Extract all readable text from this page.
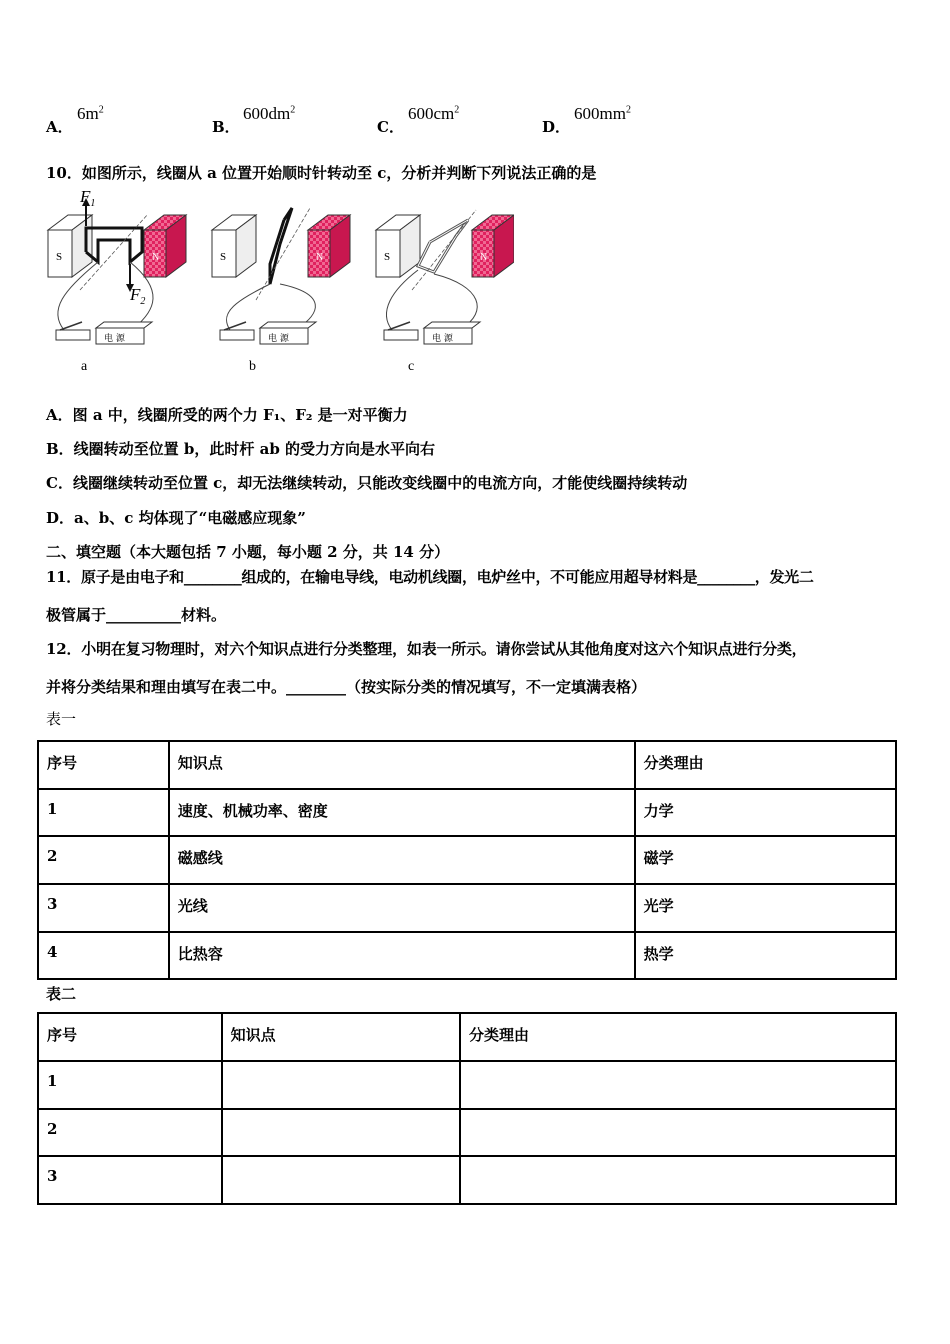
A．
$6m^2$
B．
$600dm^2$
C．
$600cm^2$
D．
$600mm^2$
10．如图所示，线圈从 a 位置开始顺时针转动至 c，分析并判断下列说法正确的是
S	N
$F_1$
$F_2$
电 源
S	N
电 源
S	N
电 源
a	b	c
A．图 a 中，线圈所受的两个力 F₁、F₂ 是一对平衡力
B．线圈转动至位置 b，此时杆 ab 的受力方向是水平向右
C．线圈继续转动至位置 c，却无法继续转动，只能改变线圈中的电流方向，才能使线圈持续转动
D．a、b、c 均体现了“电磁感应现象”
二、填空题（本大题包括 7 小题，每小题 2 分，共 14 分）
11．原子是由电子和________组成的，在输电导线，电动机线圈，电炉丝中，不可能应用超导材料是________，发光二
极管属于__________材料。
12．小明在复习物理时，对六个知识点进行分类整理，如表一所示。请你尝试从其他角度对这六个知识点进行分类，
并将分类结果和理由填写在表二中。________（按实际分类的情况填写，不一定填满表格）
表一
序号	知识点	分类理由
1	速度、机械功率、密度	力学
2	磁感线	磁学
3	光线	光学
4	比热容	热学
表二
序号	知识点	分类理由
1		
2		
3		
